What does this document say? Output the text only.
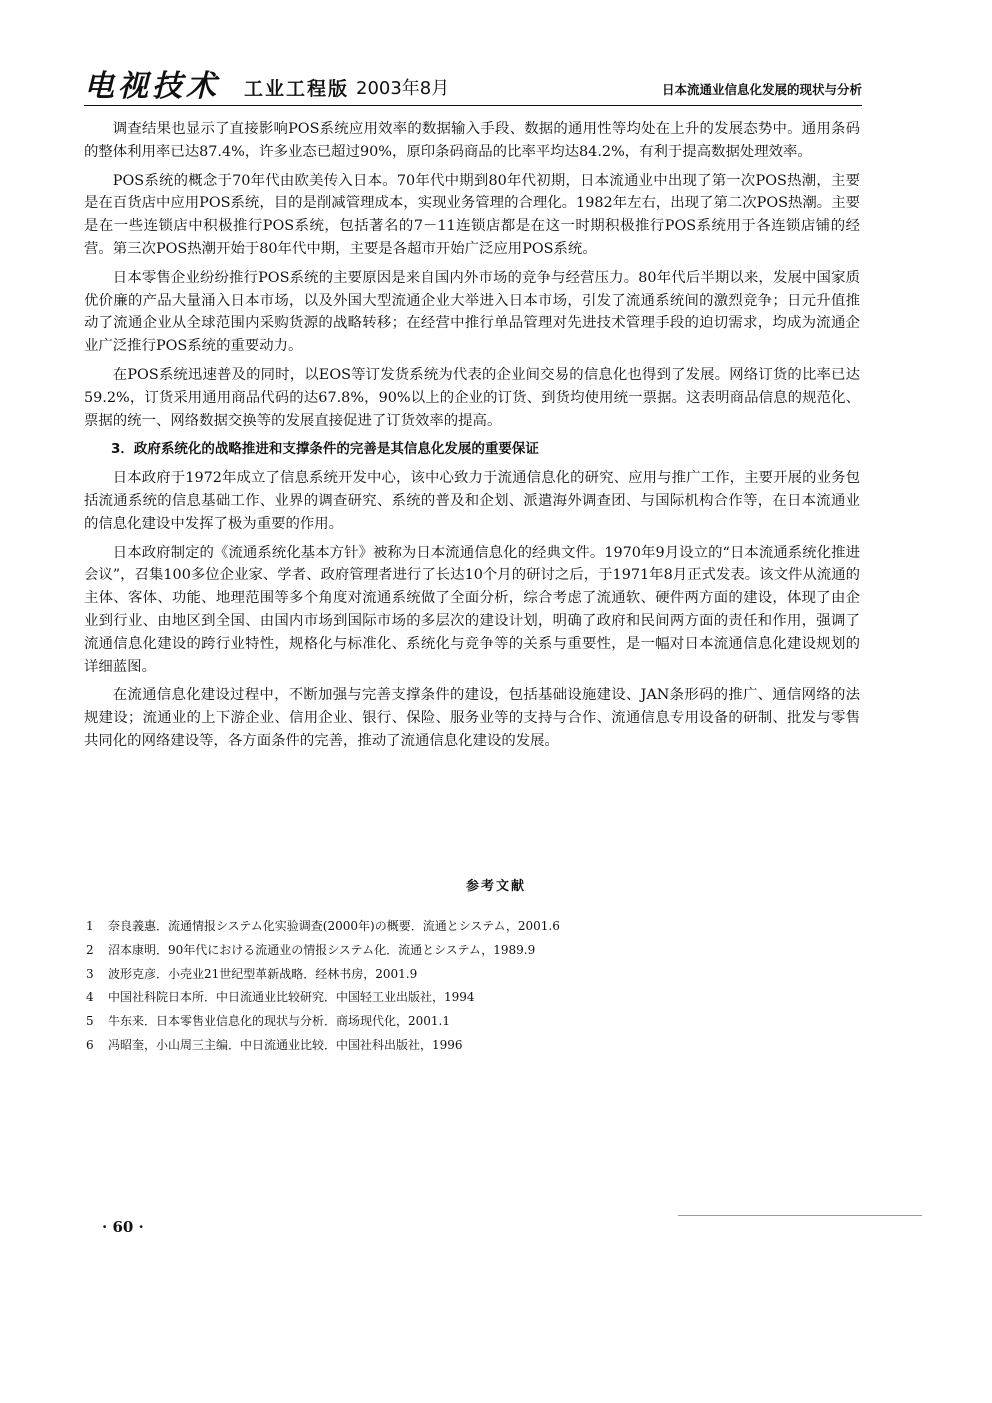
电视技术 工业工程版 2003年8月	日本流通业信息化发展的现状与分析

调查结果也显示了直接影响POS系统应用效率的数据输入手段、数据的通用性等均处在上升的发展态势中。通用条码的整体利用率已达87.4%，许多业态已超过90%，原印条码商品的比率平均达84.2%，有利于提高数据处理效率。

POS系统的概念于70年代由欧美传入日本。70年代中期到80年代初期，日本流通业中出现了第一次POS热潮，主要是在百货店中应用POS系统，目的是削减管理成本，实现业务管理的合理化。1982年左右，出现了第二次POS热潮。主要是在一些连锁店中积极推行POS系统，包括著名的7－11连锁店都是在这一时期积极推行POS系统用于各连锁店铺的经营。第三次POS热潮开始于80年代中期，主要是各超市开始广泛应用POS系统。

日本零售企业纷纷推行POS系统的主要原因是来自国内外市场的竞争与经营压力。80年代后半期以来，发展中国家质优价廉的产品大量涌入日本市场，以及外国大型流通企业大举进入日本市场，引发了流通系统间的激烈竞争；日元升值推动了流通企业从全球范围内采购货源的战略转移；在经营中推行单品管理对先进技术管理手段的迫切需求，均成为流通企业广泛推行POS系统的重要动力。

在POS系统迅速普及的同时，以EOS等订发货系统为代表的企业间交易的信息化也得到了发展。网络订货的比率已达59.2%，订货采用通用商品代码的达67.8%，90%以上的企业的订货、到货均使用统一票据。这表明商品信息的规范化、票据的统一、网络数据交换等的发展直接促进了订货效率的提高。

3．政府系统化的战略推进和支撑条件的完善是其信息化发展的重要保证

日本政府于1972年成立了信息系统开发中心，该中心致力于流通信息化的研究、应用与推广工作，主要开展的业务包括流通系统的信息基础工作、业界的调查研究、系统的普及和企划、派遣海外调查团、与国际机构合作等，在日本流通业的信息化建设中发挥了极为重要的作用。

日本政府制定的《流通系统化基本方针》被称为日本流通信息化的经典文件。1970年9月设立的“日本流通系统化推进会议”，召集100多位企业家、学者、政府管理者进行了长达10个月的研讨之后，于1971年8月正式发表。该文件从流通的主体、客体、功能、地理范围等多个角度对流通系统做了全面分析，综合考虑了流通软、硬件两方面的建设，体现了由企业到行业、由地区到全国、由国内市场到国际市场的多层次的建设计划，明确了政府和民间两方面的责任和作用，强调了流通信息化建设的跨行业特性，规格化与标准化、系统化与竞争等的关系与重要性，是一幅对日本流通信息化建设规划的详细蓝图。

在流通信息化建设过程中，不断加强与完善支撑条件的建设，包括基础设施建设、JAN条形码的推广、通信网络的法规建设；流通业的上下游企业、信用企业、银行、保险、服务业等的支持与合作、流通信息专用设备的研制、批发与零售共同化的网络建设等，各方面条件的完善，推动了流通信息化建设的发展。

参考文献
1 奈良義惠．流通情报システム化实验调查(2000年)の概要．流通とシステム，2001.6
2 沼本康明．90年代における流通业の情报システム化．流通とシステム，1989.9
3 波形克彦．小売业21世纪型革新战略．经林书房，2001.9
4 中国社科院日本所．中日流通业比较研究．中国轻工业出版社，1994
5 牛东来．日本零售业信息化的现状与分析．商场现代化，2001.1
6 冯昭奎，小山周三主编．中日流通业比较．中国社科出版社，1996
· 60 ·
